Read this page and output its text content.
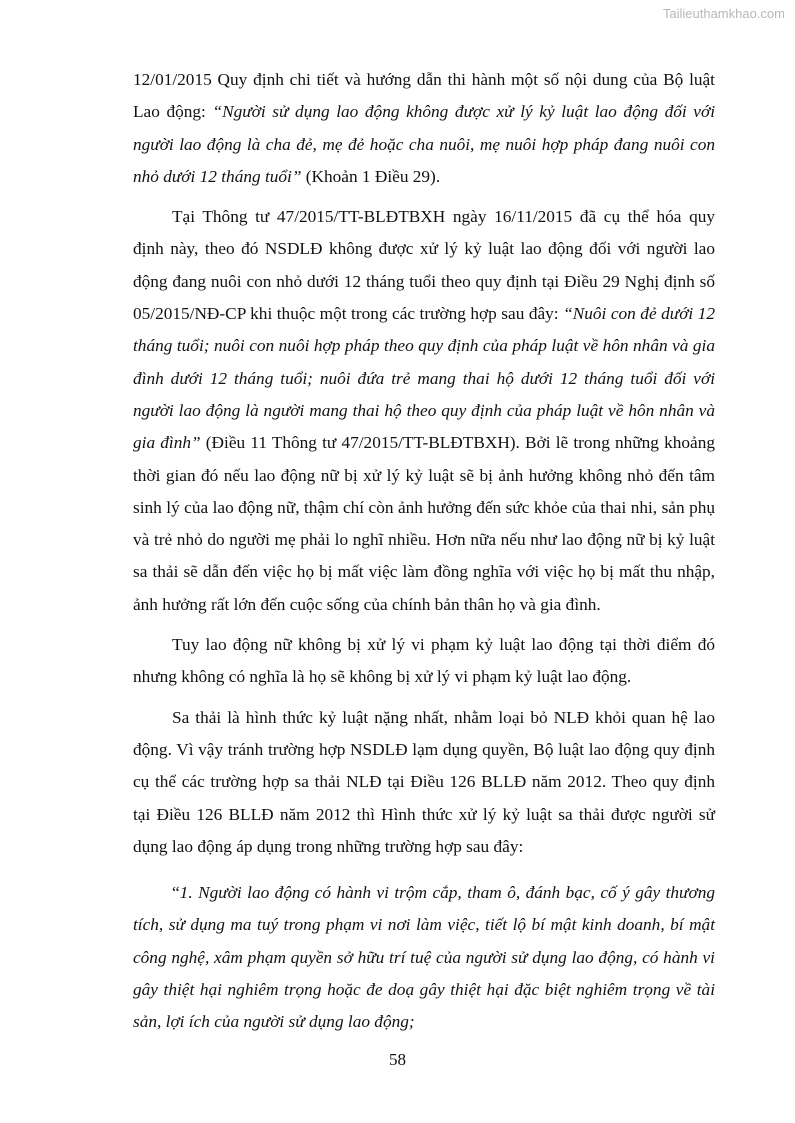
Tailieuthamkhao.com

12/01/2015 Quy định chi tiết và hướng dẫn thi hành một số nội dung của Bộ luật Lao động: “Người sử dụng lao động không được xử lý kỷ luật lao động đối với người lao động là cha đẻ, mẹ đẻ hoặc cha nuôi, mẹ nuôi hợp pháp đang nuôi con nhỏ dưới 12 tháng tuổi” (Khoản 1 Điều 29).

Tại Thông tư 47/2015/TT-BLĐTBXH ngày 16/11/2015 đã cụ thể hóa quy định này, theo đó NSDLĐ không được xử lý kỷ luật lao động đối với người lao động đang nuôi con nhỏ dưới 12 tháng tuổi theo quy định tại Điều 29 Nghị định số 05/2015/NĐ-CP khi thuộc một trong các trường hợp sau đây: “Nuôi con đẻ dưới 12 tháng tuổi; nuôi con nuôi hợp pháp theo quy định của pháp luật về hôn nhân và gia đình dưới 12 tháng tuổi; nuôi đứa trẻ mang thai hộ dưới 12 tháng tuổi đối với người lao động là người mang thai hộ theo quy định của pháp luật về hôn nhân và gia đình” (Điều 11 Thông tư 47/2015/TT-BLĐTBXH). Bởi lẽ trong những khoảng thời gian đó nếu lao động nữ bị xử lý kỷ luật sẽ bị ảnh hưởng không nhỏ đến tâm sinh lý của lao động nữ, thậm chí còn ảnh hưởng đến sức khỏe của thai nhi, sản phụ và trẻ nhỏ do người mẹ phải lo nghĩ nhiều. Hơn nữa nếu như lao động nữ bị kỷ luật sa thải sẽ dẫn đến việc họ bị mất việc làm đồng nghĩa với việc họ bị mất thu nhập, ảnh hưởng rất lớn đến cuộc sống của chính bản thân họ và gia đình.

Tuy lao động nữ không bị xử lý vi phạm kỷ luật lao động tại thời điểm đó nhưng không có nghĩa là họ sẽ không bị xử lý vi phạm kỷ luật lao động.

Sa thải là hình thức kỷ luật nặng nhất, nhằm loại bỏ NLĐ khỏi quan hệ lao động. Vì vậy tránh trường hợp NSDLĐ lạm dụng quyền, Bộ luật lao động quy định cụ thể các trường hợp sa thải NLĐ tại Điều 126 BLLĐ năm 2012. Theo quy định tại Điều 126 BLLĐ năm 2012 thì Hình thức xử lý kỷ luật sa thải được người sử dụng lao động áp dụng trong những trường hợp sau đây:

“1. Người lao động có hành vi trộm cắp, tham ô, đánh bạc, cố ý gây thương tích, sử dụng ma tuý trong phạm vi nơi làm việc, tiết lộ bí mật kinh doanh, bí mật công nghệ, xâm phạm quyền sở hữu trí tuệ của người sử dụng lao động, có hành vi gây thiệt hại nghiêm trọng hoặc đe doạ gây thiệt hại đặc biệt nghiêm trọng về tài sản, lợi ích của người sử dụng lao động;

58
